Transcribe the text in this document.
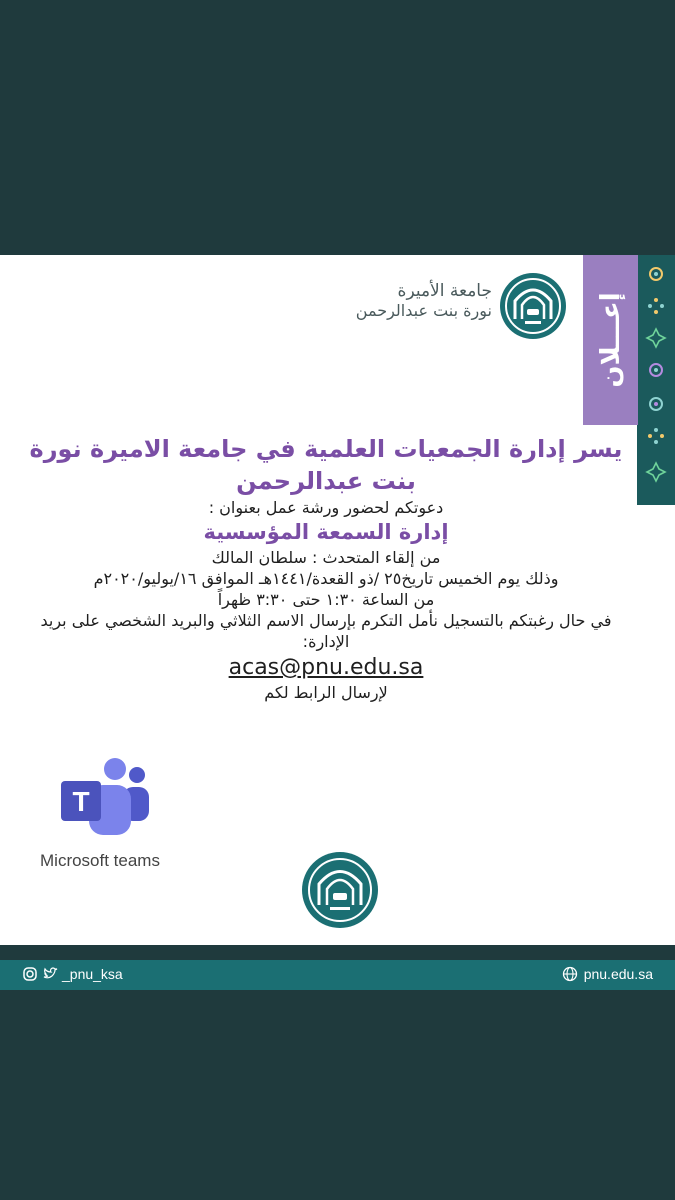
إعـــلان
جامعة الأميرة
نورة بنت عبدالرحمن

يسر إدارة الجمعيات العلمية في جامعة الاميرة نورة بنت عبدالرحمن

دعوتكم لحضور ورشة عمل بعنوان :

إدارة السمعة المؤسسية

من إلقاء المتحدث : سلطان المالك

وذلك يوم الخميس تاريخ٢٥ /ذو القعدة/١٤٤١هـ الموافق ١٦/يوليو/٢٠٢٠م

من الساعة ١:٣٠ حتى ٣:٣٠ ظهراً

في حال رغبتكم بالتسجيل نأمل التكرم بإرسال الاسم الثلاثي والبريد الشخصي على بريد الإدارة:

acas@pnu.edu.sa

لإرسال الرابط لكم

T
Microsoft teams
_pnu_ksa	pnu.edu.sa
